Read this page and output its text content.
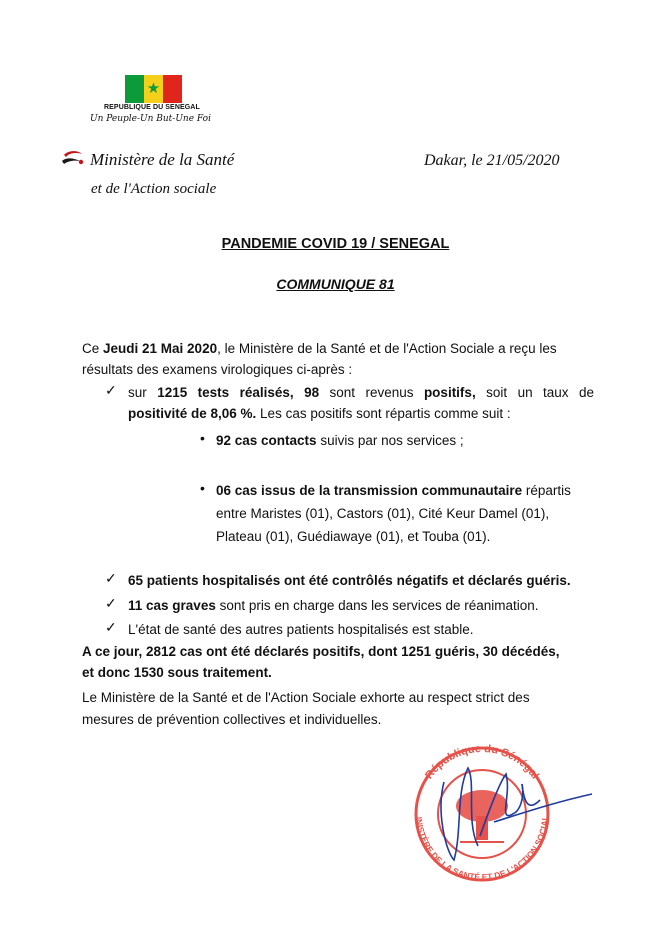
★
REPUBLIQUE DU SENEGAL
Un Peuple-Un But-Une Foi
Ministère de la Santé
et de l'Action sociale
Dakar, le 21/05/2020
PANDEMIE COVID 19 / SENEGAL
COMMUNIQUE 81
Ce Jeudi 21 Mai 2020, le Ministère de la Santé et de l'Action Sociale a reçu les
résultats des examens virologiques ci-après :
✓ sur 1215 tests réalisés, 98 sont revenus positifs, soit un taux de
positivité de 8,06 %. Les cas positifs sont répartis comme suit :
• 92 cas contacts suivis par nos services ;
• 06 cas issus de la transmission communautaire répartis
entre Maristes (01), Castors (01), Cité Keur Damel (01),
Plateau (01), Guédiawaye (01), et Touba (01).
✓ 65 patients hospitalisés ont été contrôlés négatifs et déclarés guéris.
✓ 11 cas graves sont pris en charge dans les services de réanimation.
✓ L'état de santé des autres patients hospitalisés est stable.
A ce jour, 2812 cas ont été déclarés positifs, dont 1251 guéris, 30 décédés,
et donc 1530 sous traitement.
Le Ministère de la Santé et de l'Action Sociale exhorte au respect strict des
mesures de prévention collectives et individuelles.
République du Sénégal
INISTÈRE DE LA SANTÉ ET DE L'ACTION SOCIAL
